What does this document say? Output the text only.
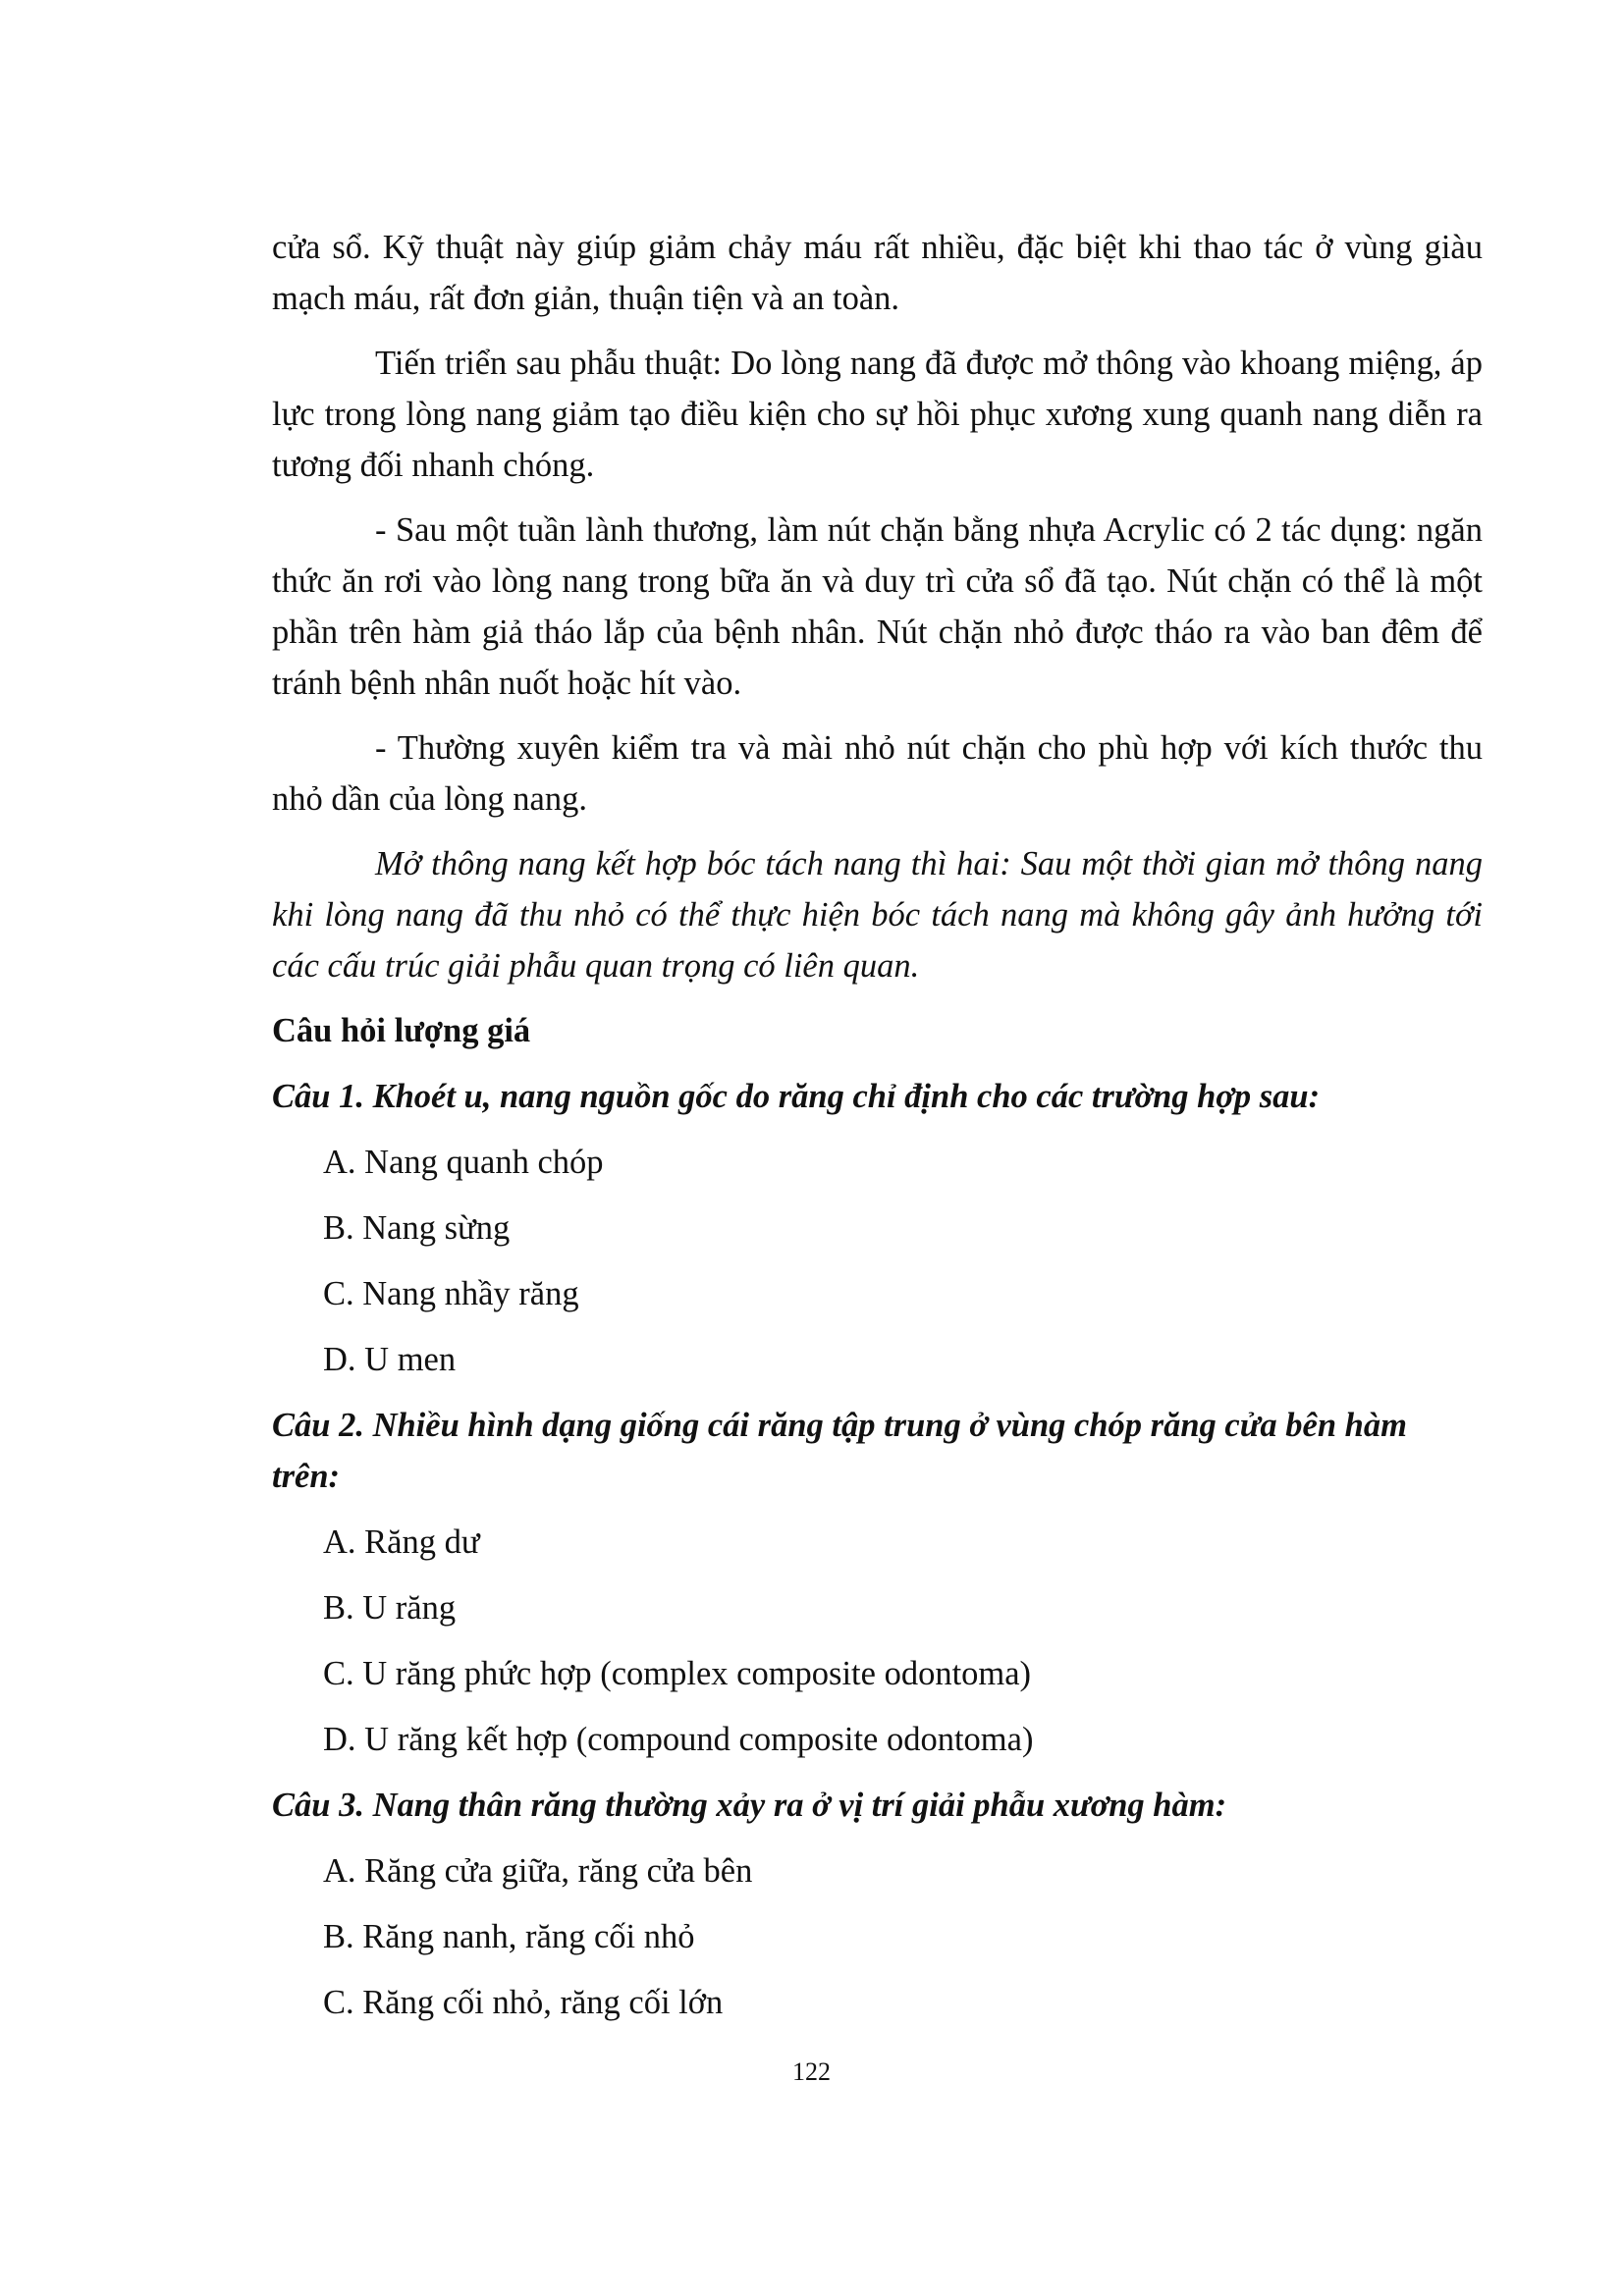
cửa sổ. Kỹ thuật này giúp giảm chảy máu rất nhiều, đặc biệt khi thao tác ở vùng giàu mạch máu, rất đơn giản, thuận tiện và an toàn.

Tiến triển sau phẫu thuật: Do lòng nang đã được mở thông vào khoang miệng, áp lực trong lòng nang giảm tạo điều kiện cho sự hồi phục xương xung quanh nang diễn ra tương đối nhanh chóng.

- Sau một tuần lành thương, làm nút chặn bằng nhựa Acrylic có 2 tác dụng: ngăn thức ăn rơi vào lòng nang trong bữa ăn và duy trì cửa sổ đã tạo. Nút chặn có thể là một phần trên hàm giả tháo lắp của bệnh nhân. Nút chặn nhỏ được tháo ra vào ban đêm để tránh bệnh nhân nuốt hoặc hít vào.

- Thường xuyên kiểm tra và mài nhỏ nút chặn cho phù hợp với kích thước thu nhỏ dần của lòng nang.

Mở thông nang kết hợp bóc tách nang thì hai: Sau một thời gian mở thông nang khi lòng nang đã thu nhỏ có thể thực hiện bóc tách nang mà không gây ảnh hưởng tới các cấu trúc giải phẫu quan trọng có liên quan.

Câu hỏi lượng giá
Câu 1. Khoét u, nang nguồn gốc do răng chỉ định cho các trường hợp sau:
A. Nang quanh chóp
B. Nang sừng
C. Nang nhầy răng
D. U men
Câu 2. Nhiều hình dạng giống cái răng tập trung ở vùng chóp răng cửa bên hàm trên:
A. Răng dư
B. U răng
C. U răng phức hợp (complex composite odontoma)
D. U răng kết hợp (compound composite odontoma)
Câu 3. Nang thân răng thường xảy ra ở vị trí giải phẫu xương hàm:
A. Răng cửa giữa, răng cửa bên
B. Răng nanh, răng cối nhỏ
C. Răng cối nhỏ, răng cối lớn
122
